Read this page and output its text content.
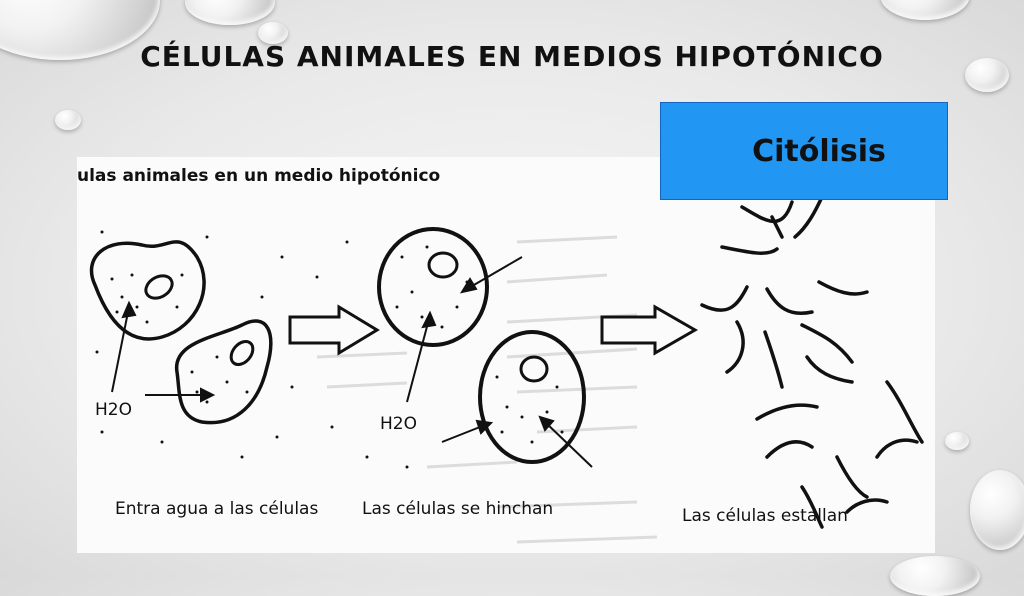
CÉLULAS ANIMALES EN MEDIOS HIPOTÓNICO
ulas animales en un medio hipotónico
H2O
H2O
Entra agua a las células	Las células se hinchan	Las células estallan
Citólisis
